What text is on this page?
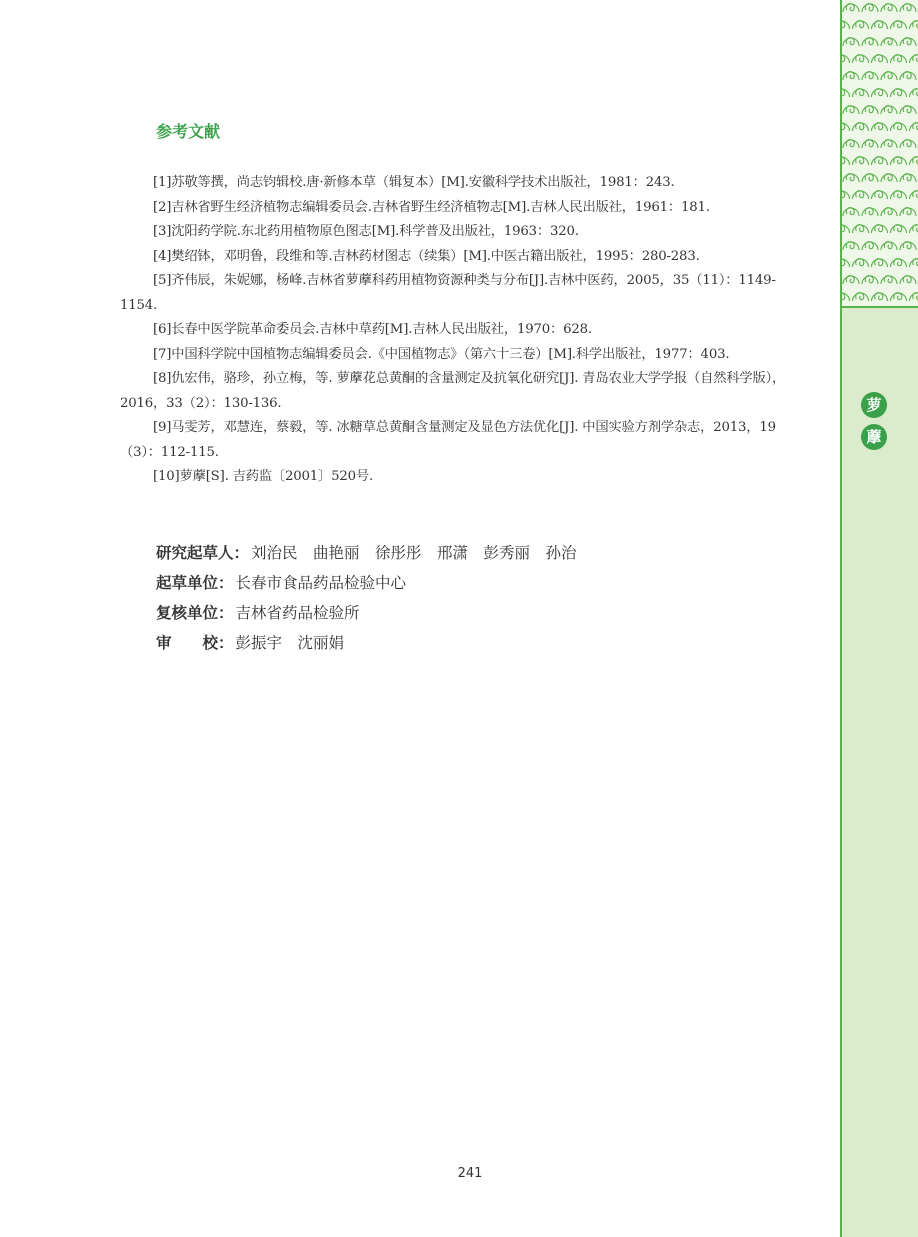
萝
藦
参考文献

[1]苏敬等撰，尚志钧辑校.唐·新修本草（辑复本）[M].安徽科学技术出版社，1981：243.

[2]吉林省野生经济植物志编辑委员会.吉林省野生经济植物志[M].吉林人民出版社，1961：181.

[3]沈阳药学院.东北药用植物原色图志[M].科学普及出版社，1963：320.

[4]樊绍钵，邓明鲁，段维和等.吉林药材图志（续集）[M].中医古籍出版社，1995：280-283.

[5]齐伟辰，朱妮娜，杨峰.吉林省萝藦科药用植物资源种类与分布[J].吉林中医药，2005，35（11）：1149-1154.

[6]长春中医学院革命委员会.吉林中草药[M].吉林人民出版社，1970：628.

[7]中国科学院中国植物志编辑委员会.《中国植物志》（第六十三卷）[M].科学出版社，1977：403.

[8]仇宏伟，骆珍，孙立梅，等. 萝藦花总黄酮的含量测定及抗氧化研究[J]. 青岛农业大学学报（自然科学版），2016，33（2）：130-136.

[9]马雯芳，邓慧连，蔡毅，等. 冰糖草总黄酮含量测定及显色方法优化[J]. 中国实验方剂学杂志，2013，19（3）：112-115.

[10]萝藦[S]. 吉药监〔2001〕520号.

研究起草人： 刘治民　曲艳丽　徐彤彤　邢潇　彭秀丽　孙治
起草单位： 长春市食品药品检验中心
复核单位： 吉林省药品检验所
审　　校： 彭振宇　沈丽娟
241
